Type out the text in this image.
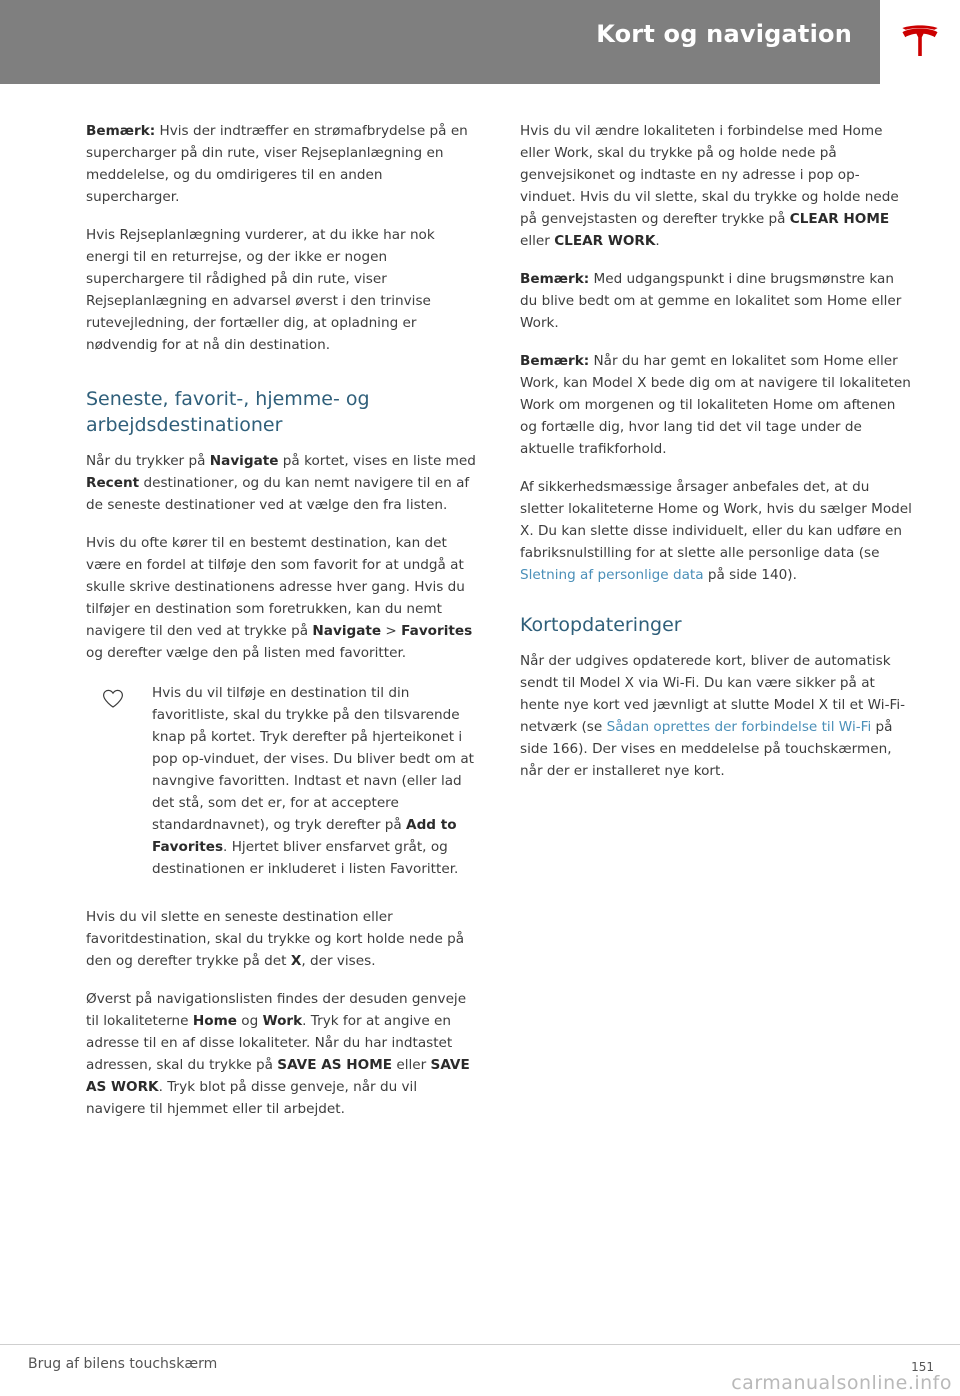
Kort og navigation

Bemærk: Hvis der indtræffer en strømafbrydelse på en supercharger på din rute, viser Rejseplanlægning en meddelelse, og du omdirigeres til en anden supercharger.

Hvis Rejseplanlægning vurderer, at du ikke har nok energi til en returrejse, og der ikke er nogen superchargere til rådighed på din rute, viser Rejseplanlægning en advarsel øverst i den trinvise rutevejledning, der fortæller dig, at opladning er nødvendig for at nå din destination.

Seneste, favorit-, hjemme- og arbejdsdestinationer

Når du trykker på Navigate på kortet, vises en liste med Recent destinationer, og du kan nemt navigere til en af de seneste destinationer ved at vælge den fra listen.

Hvis du ofte kører til en bestemt destination, kan det være en fordel at tilføje den som favorit for at undgå at skulle skrive destinationens adresse hver gang. Hvis du tilføjer en destination som foretrukken, kan du nemt navigere til den ved at trykke på Navigate > Favorites og derefter vælge den på listen med favoritter.

Hvis du vil tilføje en destination til din favoritliste, skal du trykke på den tilsvarende knap på kortet. Tryk derefter på hjerteikonet i pop op-vinduet, der vises. Du bliver bedt om at navngive favoritten. Indtast et navn (eller lad det stå, som det er, for at acceptere standardnavnet), og tryk derefter på Add to Favorites. Hjertet bliver ensfarvet gråt, og destinationen er inkluderet i listen Favoritter.

Hvis du vil slette en seneste destination eller favoritdestination, skal du trykke og kort holde nede på den og derefter trykke på det X, der vises.

Øverst på navigationslisten findes der desuden genveje til lokaliteterne Home og Work. Tryk for at angive en adresse til en af disse lokaliteter. Når du har indtastet adressen, skal du trykke på SAVE AS HOME eller SAVE AS WORK. Tryk blot på disse genveje, når du vil navigere til hjemmet eller til arbejdet.

Hvis du vil ændre lokaliteten i forbindelse med Home eller Work, skal du trykke på og holde nede på genvejsikonet og indtaste en ny adresse i pop op-vinduet. Hvis du vil slette, skal du trykke og holde nede på genvejstasten og derefter trykke på CLEAR HOME eller CLEAR WORK.

Bemærk: Med udgangspunkt i dine brugsmønstre kan du blive bedt om at gemme en lokalitet som Home eller Work.

Bemærk: Når du har gemt en lokalitet som Home eller Work, kan Model X bede dig om at navigere til lokaliteten Work om morgenen og til lokaliteten Home om aftenen og fortælle dig, hvor lang tid det vil tage under de aktuelle trafikforhold.

Af sikkerhedsmæssige årsager anbefales det, at du sletter lokaliteterne Home og Work, hvis du sælger Model X. Du kan slette disse individuelt, eller du kan udføre en fabriksnulstilling for at slette alle personlige data (se Sletning af personlige data på side 140).

Kortopdateringer

Når der udgives opdaterede kort, bliver de automatisk sendt til Model X via Wi-Fi. Du kan være sikker på at hente nye kort ved jævnligt at slutte Model X til et Wi-Fi-netværk (se Sådan oprettes der forbindelse til Wi-Fi på side 166). Der vises en meddelelse på touchskærmen, når der er installeret nye kort.

Brug af bilens touchskærm	151
carmanualsonline.info
